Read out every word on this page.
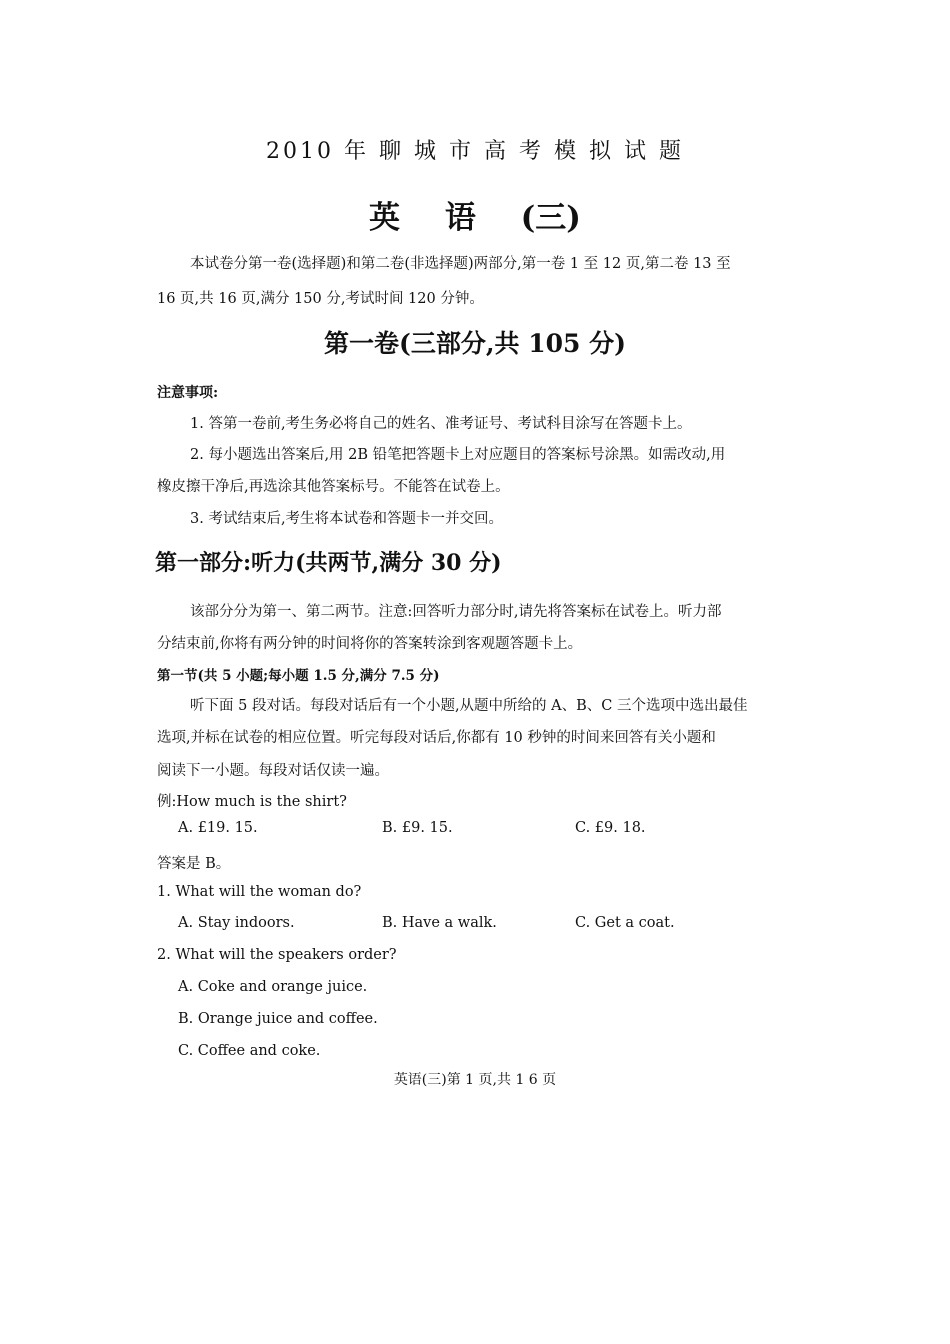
2010 年 聊 城 市 高 考 模 拟 试 题
英 语 (三)
本试卷分第一卷(选择题)和第二卷(非选择题)两部分,第一卷 1 至 12 页,第二卷 13 至
16 页,共 16 页,满分 150 分,考试时间 120 分钟。
第一卷(三部分,共 105 分)
注意事项:
1. 答第一卷前,考生务必将自己的姓名、准考证号、考试科目涂写在答题卡上。
2. 每小题选出答案后,用 2B 铅笔把答题卡上对应题目的答案标号涂黑。如需改动,用
橡皮擦干净后,再选涂其他答案标号。不能答在试卷上。
3. 考试结束后,考生将本试卷和答题卡一并交回。
第一部分:听力(共两节,满分 30 分)
该部分分为第一、第二两节。注意:回答听力部分时,请先将答案标在试卷上。听力部
分结束前,你将有两分钟的时间将你的答案转涂到客观题答题卡上。
第一节(共 5 小题;每小题 1.5 分,满分 7.5 分)
听下面 5 段对话。每段对话后有一个小题,从题中所给的 A、B、C 三个选项中选出最佳
选项,并标在试卷的相应位置。听完每段对话后,你都有 10 秒钟的时间来回答有关小题和
阅读下一小题。每段对话仅读一遍。
例:How much is the shirt?
A. £19. 15.	B. £9. 15.	C. £9. 18.
答案是 B。
1. What will the woman do?
A. Stay indoors.	B. Have a walk.	C. Get a coat.
2. What will the speakers order?
A. Coke and orange juice.
B. Orange juice and coffee.
C. Coffee and coke.
英语(三)第 1 页,共 1 6 页
